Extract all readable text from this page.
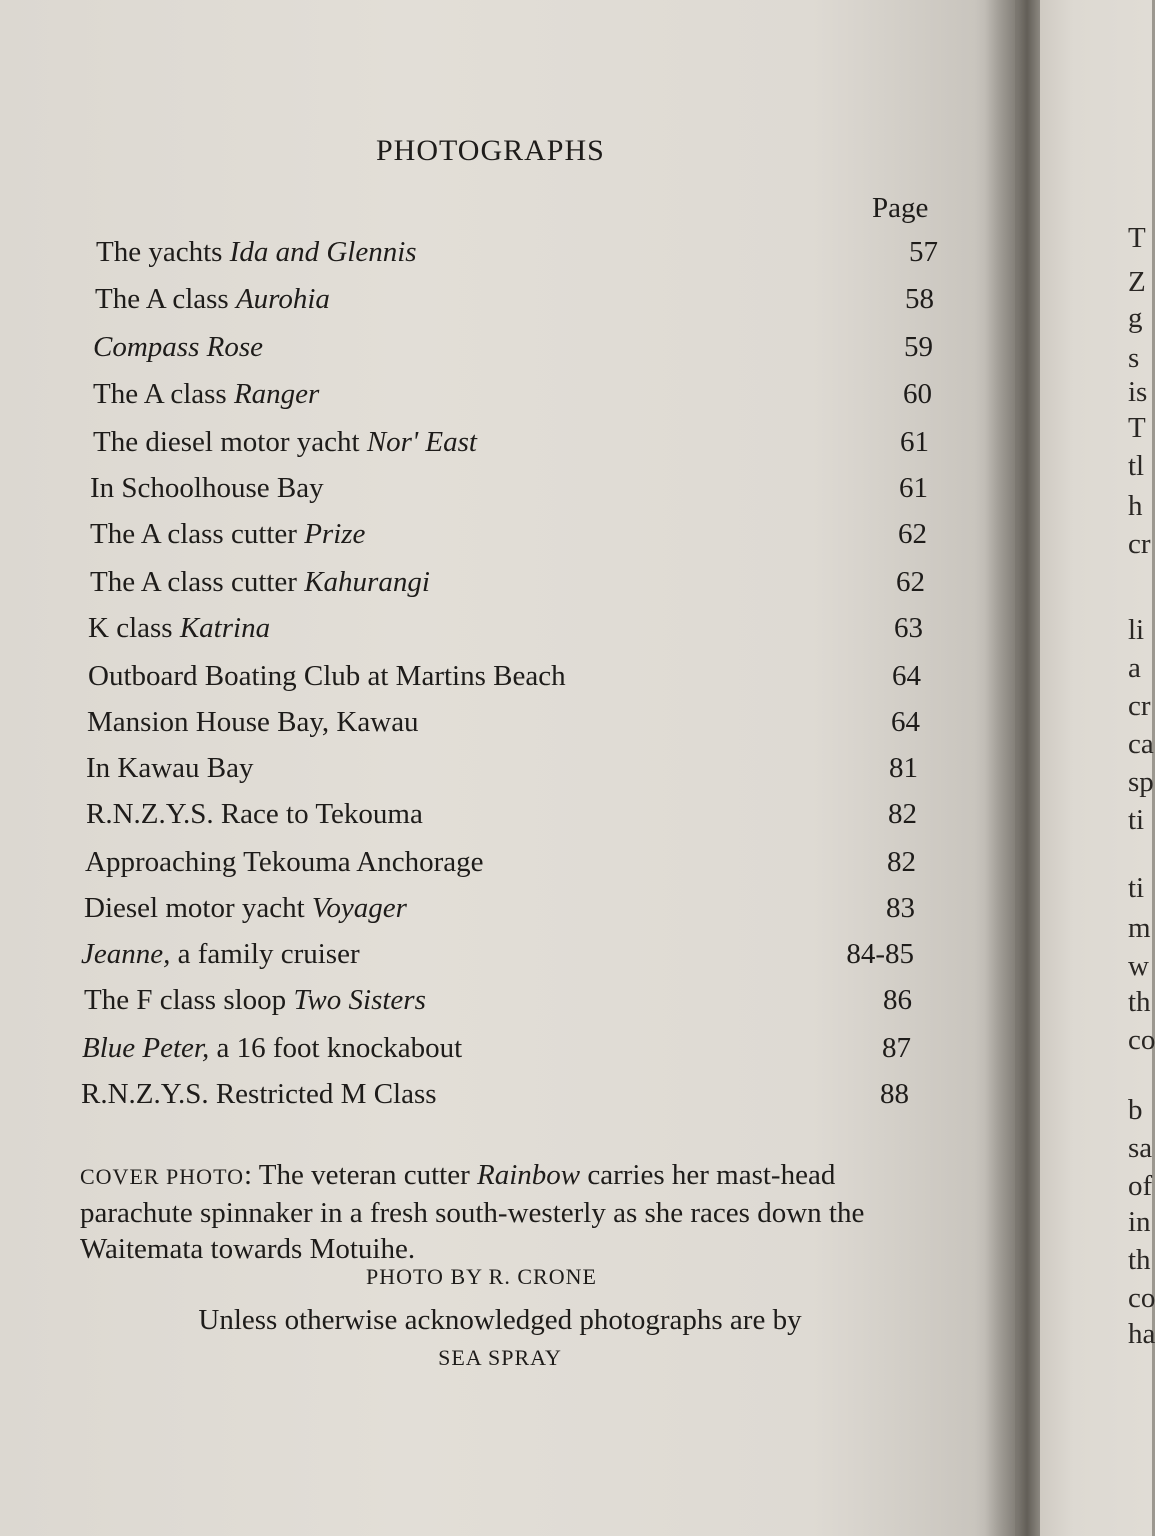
PHOTOGRAPHS
Page
The yachts Ida and Glennis	57
The A class Aurohia	58
Compass Rose	59
The A class Ranger	60
The diesel motor yacht Nor' East	61
In Schoolhouse Bay	61
The A class cutter Prize	62
The A class cutter Kahurangi	62
K class Katrina	63
Outboard Boating Club at Martins Beach	64
Mansion House Bay, Kawau	64
In Kawau Bay	81
R.N.Z.Y.S. Race to Tekouma	82
Approaching Tekouma Anchorage	82
Diesel motor yacht Voyager	83
Jeanne, a family cruiser	84-85
The F class sloop Two Sisters	86
Blue Peter, a 16 foot knockabout	87
R.N.Z.Y.S. Restricted M Class	88
COVER PHOTO: The veteran cutter Rainbow carries her mast-head parachute spinnaker in a fresh south-westerly as she races down the Waitemata towards Motuihe.
PHOTO BY R. CRONE
Unless otherwise acknowledged photographs are by SEA SPRAY
T
Z
g
s
is
T
tl
h
cr
li
a
cr
ca
sp
ti
ti
m
w
th
co
b
sa
of
in
th
co
ha
